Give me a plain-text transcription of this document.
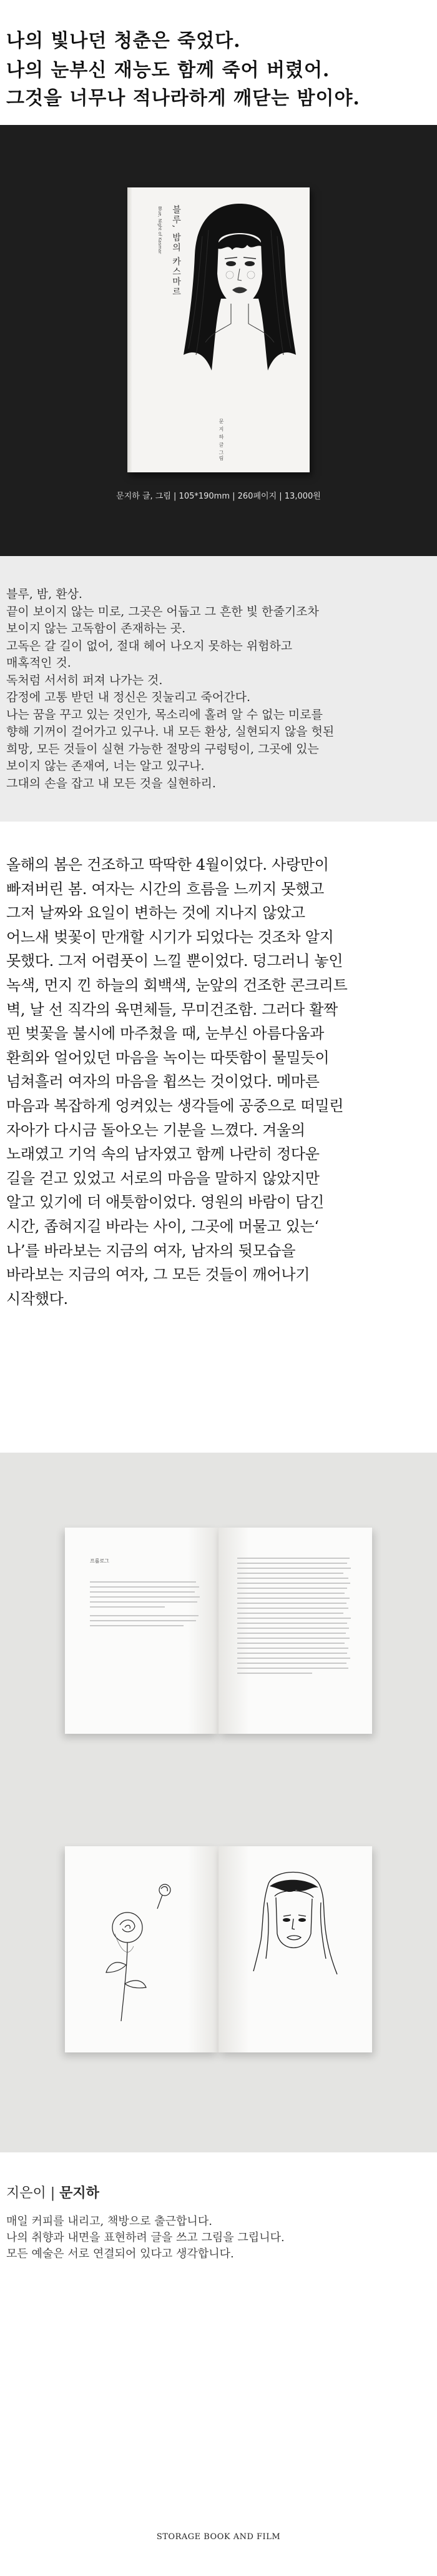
나의 빛나던 청춘은 죽었다.
나의 눈부신 재능도 함께 죽어 버렸어.
그것을 너무나 적나라하게 깨닫는 밤이야.
Blue, Night of Kasmar 블루, 밤의 카스마르
문 지 하 글 그림
문지하 글, 그림 | 105*190mm | 260페이지 | 13,000원
블루, 밤, 환상.
끝이 보이지 않는 미로, 그곳은 어둡고 그 흔한 빛 한줄기조차
보이지 않는 고독함이 존재하는 곳.
고독은 갈 길이 없어, 절대 헤어 나오지 못하는 위험하고
매혹적인 것.
독처럼 서서히 퍼져 나가는 것.
감정에 고통 받던 내 정신은 짓눌리고 죽어간다.
나는 꿈을 꾸고 있는 것인가, 목소리에 홀려 알 수 없는 미로를
향해 기꺼이 걸어가고 있구나. 내 모든 환상, 실현되지 않을 헛된
희망, 모든 것들이 실현 가능한 절망의 구렁텅이, 그곳에 있는
보이지 않는 존재여, 너는 알고 있구나.
그대의 손을 잡고 내 모든 것을 실현하리.
올해의 봄은 건조하고 딱딱한 4월이었다. 사랑만이
빠져버린 봄. 여자는 시간의 흐름을 느끼지 못했고
그저 날짜와 요일이 변하는 것에 지나지 않았고
어느새 벚꽃이 만개할 시기가 되었다는 것조차 알지
못했다. 그저 어렴풋이 느낄 뿐이었다. 덩그러니 놓인
녹색, 먼지 낀 하늘의 회백색, 눈앞의 건조한 콘크리트
벽, 날 선 직각의 육면체들, 무미건조함. 그러다 활짝
핀 벚꽃을 불시에 마주쳤을 때, 눈부신 아름다움과
환희와 얼어있던 마음을 녹이는 따뜻함이 물밀듯이
넘쳐흘러 여자의 마음을 휩쓰는 것이었다. 메마른
마음과 복잡하게 엉켜있는 생각들에 공중으로 떠밀린
자아가 다시금 돌아오는 기분을 느꼈다. 겨울의
노래였고 기억 속의 남자였고 함께 나란히 정다운
길을 걷고 있었고 서로의 마음을 말하지 않았지만
알고 있기에 더 애틋함이었다. 영원의 바람이 담긴
시간, 좁혀지길 바라는 사이, 그곳에 머물고 있는‘
나’를 바라보는 지금의 여자, 남자의 뒷모습을
바라보는 지금의 여자, 그 모든 것들이 깨어나기
시작했다.
프롤로그
지은이 | 문지하
매일 커피를 내리고, 책방으로 출근합니다.
나의 취향과 내면을 표현하려 글을 쓰고 그림을 그립니다.
모든 예술은 서로 연결되어 있다고 생각합니다.
STORAGE BOOK AND FILM
